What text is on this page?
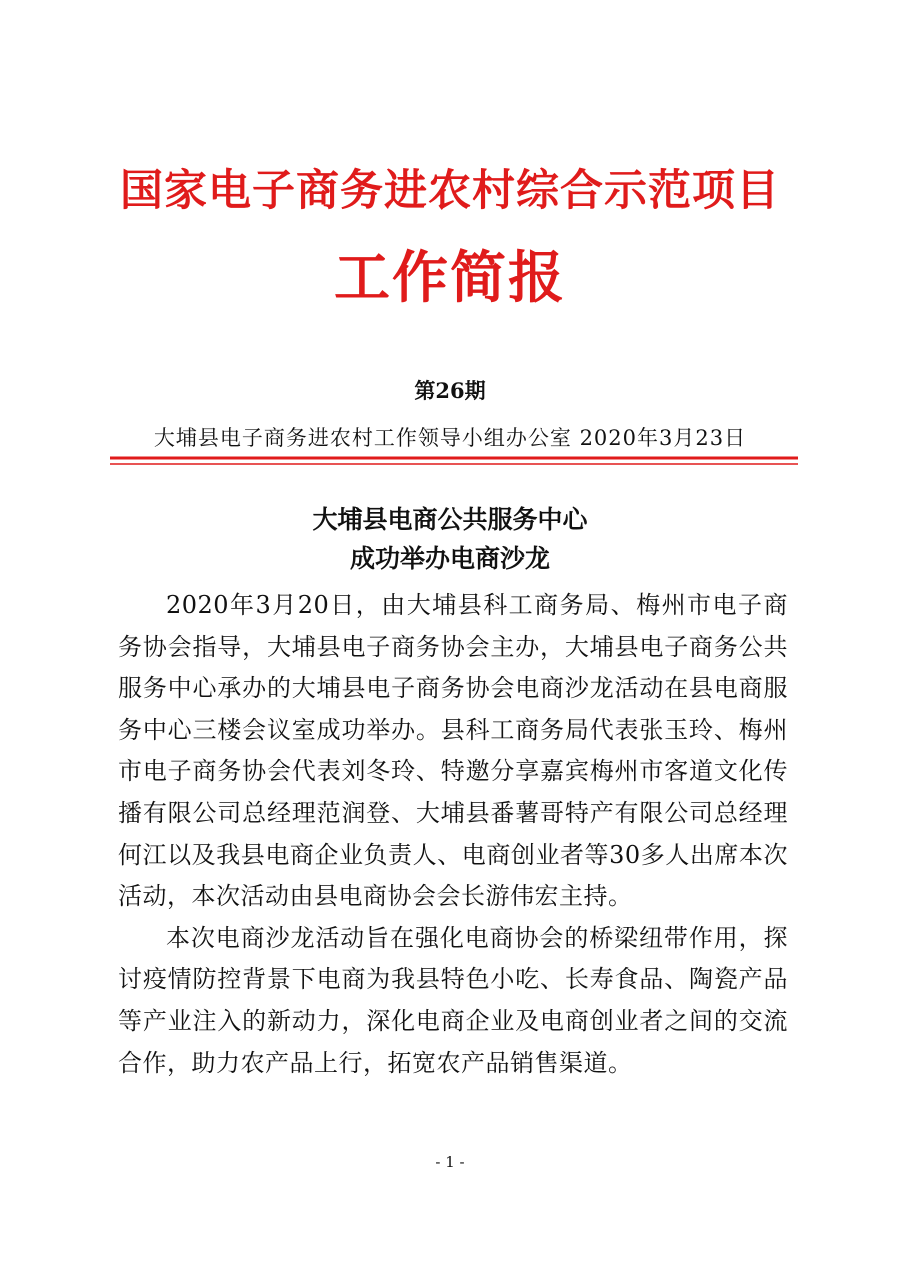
国家电子商务进农村综合示范项目
工作简报
第26期
大埔县电子商务进农村工作领导小组办公室 2020年3月23日
大埔县电商公共服务中心
成功举办电商沙龙

2020年3月20日，由大埔县科工商务局、梅州市电子商务协会指导，大埔县电子商务协会主办，大埔县电子商务公共服务中心承办的大埔县电子商务协会电商沙龙活动在县电商服务中心三楼会议室成功举办。县科工商务局代表张玉玲、梅州市电子商务协会代表刘冬玲、特邀分享嘉宾梅州市客道文化传播有限公司总经理范润登、大埔县番薯哥特产有限公司总经理何江以及我县电商企业负责人、电商创业者等30多人出席本次活动，本次活动由县电商协会会长游伟宏主持。

本次电商沙龙活动旨在强化电商协会的桥梁纽带作用，探讨疫情防控背景下电商为我县特色小吃、长寿食品、陶瓷产品等产业注入的新动力，深化电商企业及电商创业者之间的交流合作，助力农产品上行，拓宽农产品销售渠道。

- 1 -
